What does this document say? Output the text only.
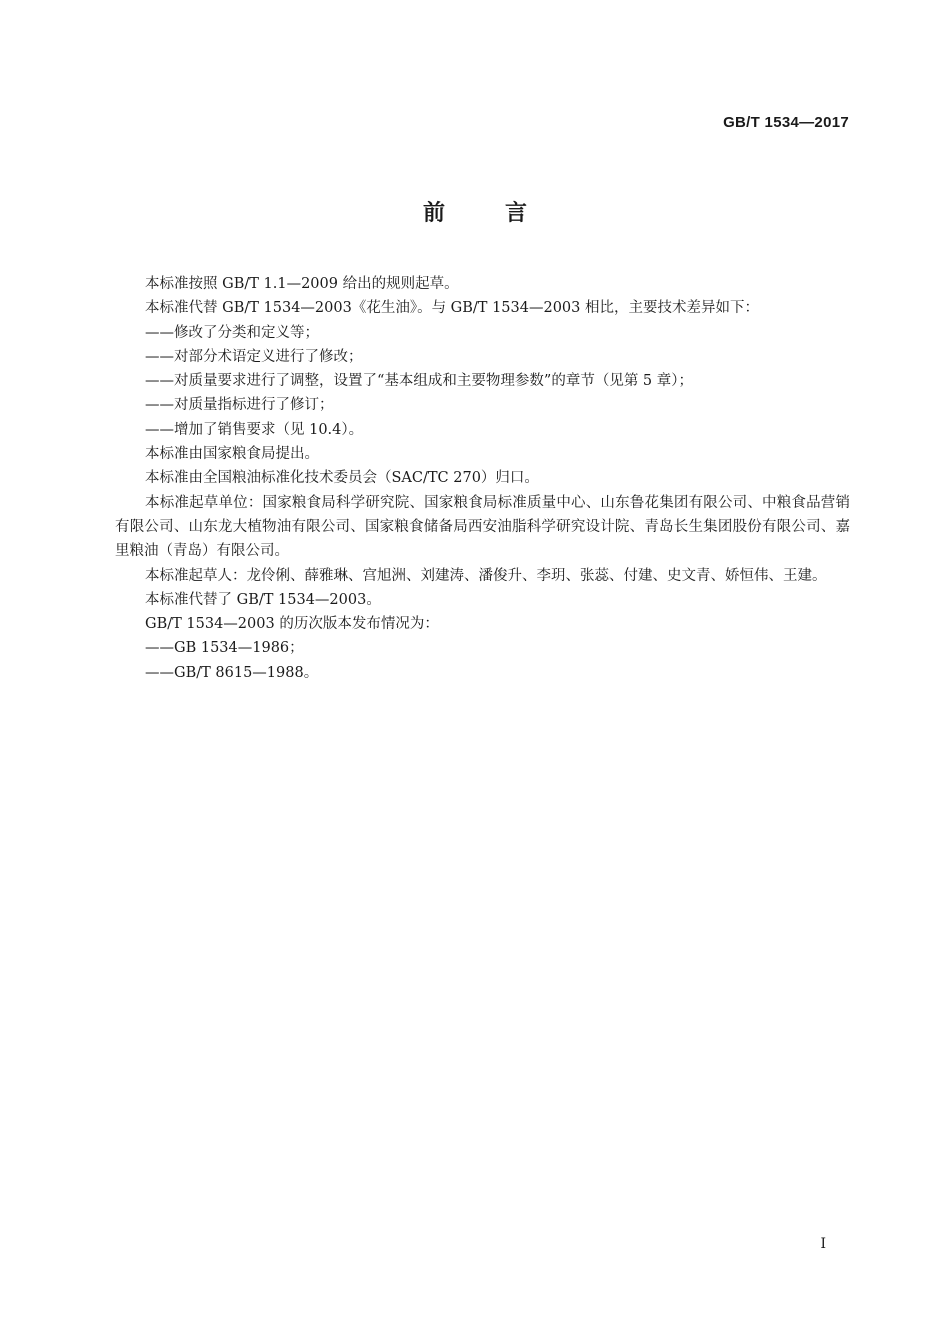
GB/T 1534—2017
前言

本标准按照 GB/T 1.1—2009 给出的规则起草。

本标准代替 GB/T 1534—2003《花生油》。与 GB/T 1534—2003 相比，主要技术差异如下：

——修改了分类和定义等；

——对部分术语定义进行了修改；

——对质量要求进行了调整，设置了“基本组成和主要物理参数”的章节（见第 5 章）；

——对质量指标进行了修订；

——增加了销售要求（见 10.4）。

本标准由国家粮食局提出。

本标准由全国粮油标准化技术委员会（SAC/TC 270）归口。

本标准起草单位：国家粮食局科学研究院、国家粮食局标准质量中心、山东鲁花集团有限公司、中粮食品营销有限公司、山东龙大植物油有限公司、国家粮食储备局西安油脂科学研究设计院、青岛长生集团股份有限公司、嘉里粮油（青岛）有限公司。

本标准起草人：龙伶俐、薛雅琳、宫旭洲、刘建涛、潘俊升、李玥、张蕊、付建、史文青、娇恒伟、王建。

本标准代替了 GB/T 1534—2003。

GB/T 1534—2003 的历次版本发布情况为：

——GB 1534—1986；

——GB/T 8615—1988。

I
